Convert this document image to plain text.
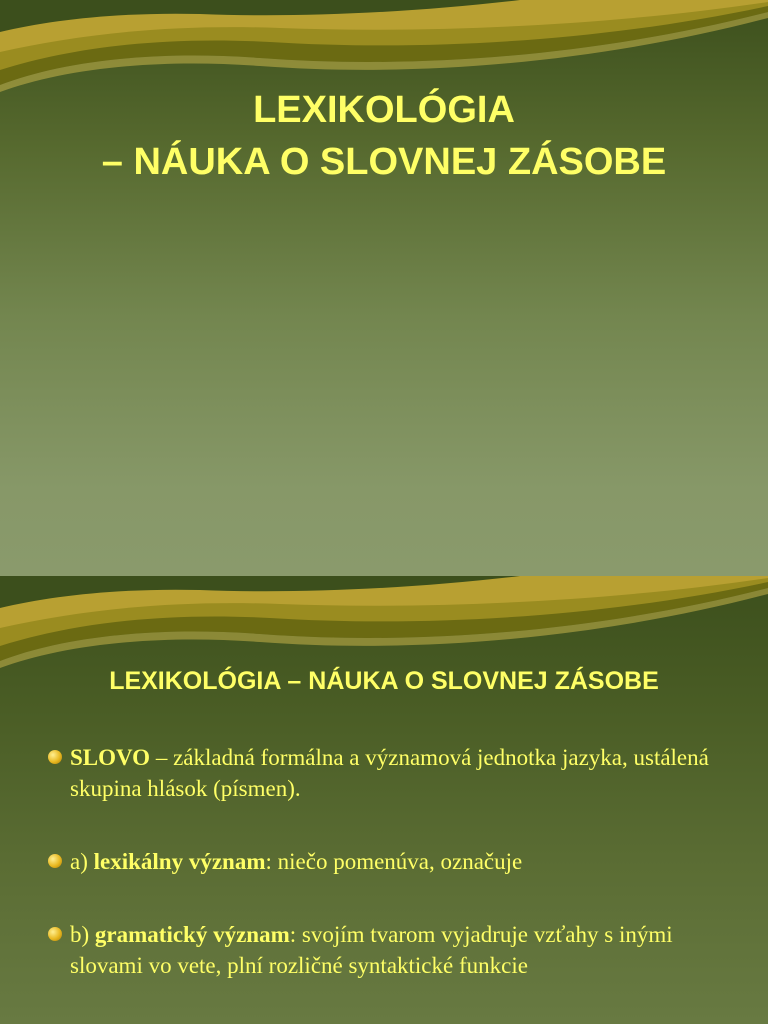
LEXIKOLÓGIA
– NÁUKA O SLOVNEJ ZÁSOBE
LEXIKOLÓGIA – NÁUKA O SLOVNEJ ZÁSOBE
SLOVO – základná formálna a významová jednotka jazyka, ustálená skupina hlások (písmen).
a) lexikálny význam: niečo pomenúva, označuje
b) gramatický význam: svojím tvarom vyjadruje vzťahy s inými slovami vo vete, plní rozličné syntaktické funkcie
